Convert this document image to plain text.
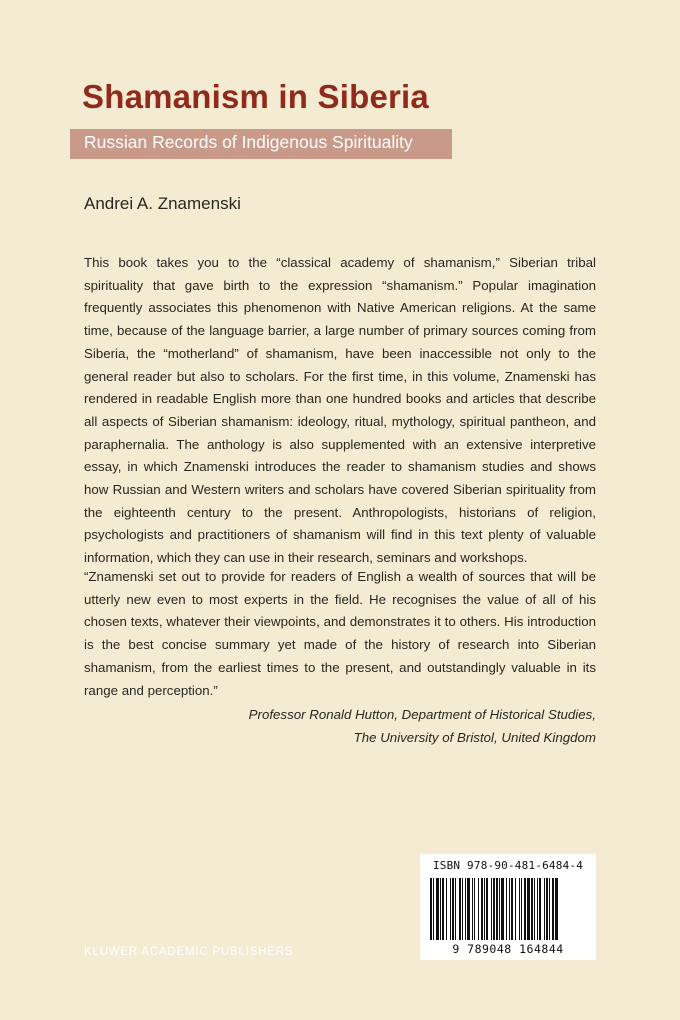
Shamanism in Siberia
Russian Records of Indigenous Spirituality
Andrei A. Znamenski

This book takes you to the “classical academy of shamanism,” Siberian tribal spirituality that gave birth to the expression “shamanism.” Popular imagination frequently associates this phenomenon with Native American religions. At the same time, because of the language barrier, a large number of primary sources coming from Siberia, the “motherland” of shamanism, have been inaccessible not only to the general reader but also to scholars. For the first time, in this volume, Znamenski has rendered in readable English more than one hundred books and articles that describe all aspects of Siberian shamanism: ideology, ritual, mythology, spiritual pantheon, and paraphernalia. The anthology is also supplemented with an extensive interpretive essay, in which Znamenski introduces the reader to shamanism studies and shows how Russian and Western writers and scholars have covered Siberian spirituality from the eighteenth century to the present. Anthropologists, historians of religion, psychologists and practitioners of shamanism will find in this text plenty of valuable information, which they can use in their research, seminars and workshops.

“Znamenski set out to provide for readers of English a wealth of sources that will be utterly new even to most experts in the field. He recognises the value of all of his chosen texts, whatever their viewpoints, and demonstrates it to others. His introduction is the best concise summary yet made of the history of research into Siberian shamanism, from the earliest times to the present, and outstandingly valuable in its range and perception.”

Professor Ronald Hutton, Department of Historical Studies,
The University of Bristol, United Kingdom
KLUWER ACADEMIC PUBLISHERS
ISBN 978-90-481-6484-4
9 789048 164844
